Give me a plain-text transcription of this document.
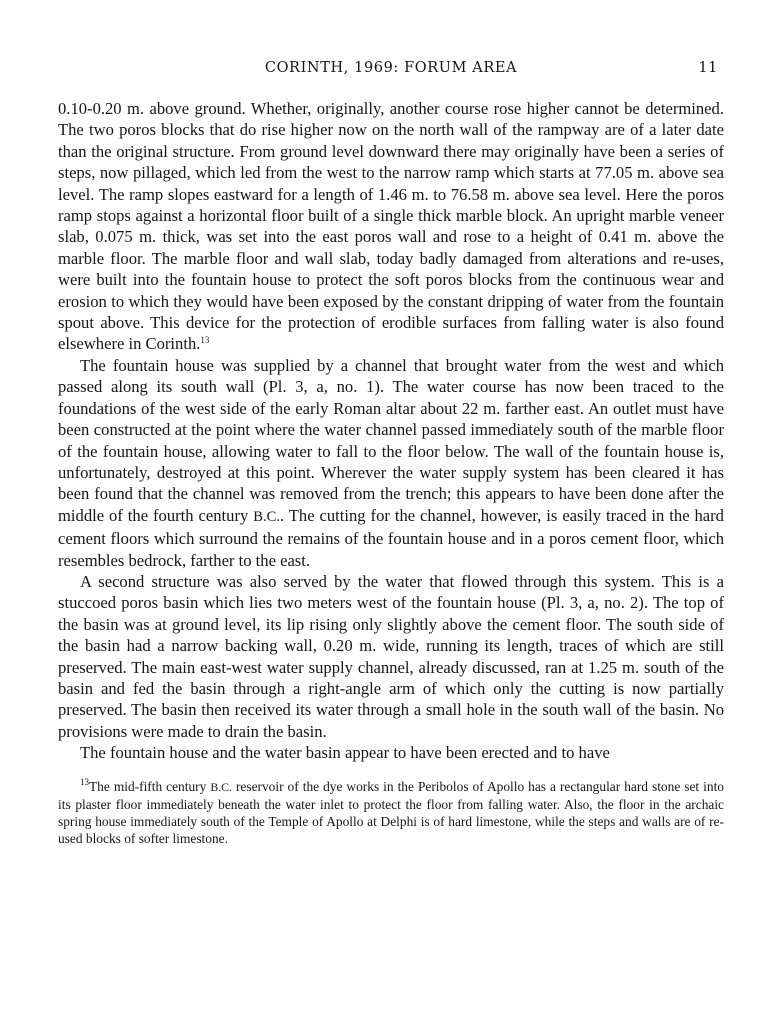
CORINTH, 1969: FORUM AREA	11

0.10-0.20 m. above ground. Whether, originally, another course rose higher cannot be determined. The two poros blocks that do rise higher now on the north wall of the rampway are of a later date than the original structure. From ground level downward there may originally have been a series of steps, now pillaged, which led from the west to the narrow ramp which starts at 77.05 m. above sea level. The ramp slopes eastward for a length of 1.46 m. to 76.58 m. above sea level. Here the poros ramp stops against a horizontal floor built of a single thick marble block. An upright marble veneer slab, 0.075 m. thick, was set into the east poros wall and rose to a height of 0.41 m. above the marble floor. The marble floor and wall slab, today badly damaged from alterations and re-uses, were built into the fountain house to protect the soft poros blocks from the continuous wear and erosion to which they would have been exposed by the constant dripping of water from the fountain spout above. This device for the protection of erodible surfaces from falling water is also found elsewhere in Corinth.$^{13}$

The fountain house was supplied by a channel that brought water from the west and which passed along its south wall (Pl. 3, a, no. 1). The water course has now been traced to the foundations of the west side of the early Roman altar about 22 m. farther east. An outlet must have been constructed at the point where the water channel passed immediately south of the marble floor of the fountain house, allowing water to fall to the floor below. The wall of the fountain house is, unfortunately, destroyed at this point. Wherever the water supply system has been cleared it has been found that the channel was removed from the trench; this appears to have been done after the middle of the fourth century B.C.. The cutting for the channel, however, is easily traced in the hard cement floors which surround the remains of the fountain house and in a poros cement floor, which resembles bedrock, farther to the east.

A second structure was also served by the water that flowed through this system. This is a stuccoed poros basin which lies two meters west of the fountain house (Pl. 3, a, no. 2). The top of the basin was at ground level, its lip rising only slightly above the cement floor. The south side of the basin had a narrow backing wall, 0.20 m. wide, running its length, traces of which are still preserved. The main east-west water supply channel, already discussed, ran at 1.25 m. south of the basin and fed the basin through a right-angle arm of which only the cutting is now partially preserved. The basin then received its water through a small hole in the south wall of the basin. No provisions were made to drain the basin.

The fountain house and the water basin appear to have been erected and to have

$^{13}$The mid-fifth century B.C. reservoir of the dye works in the Peribolos of Apollo has a rectangular hard stone set into its plaster floor immediately beneath the water inlet to protect the floor from falling water. Also, the floor in the archaic spring house immediately south of the Temple of Apollo at Delphi is of hard limestone, while the steps and walls are of re-used blocks of softer limestone.
